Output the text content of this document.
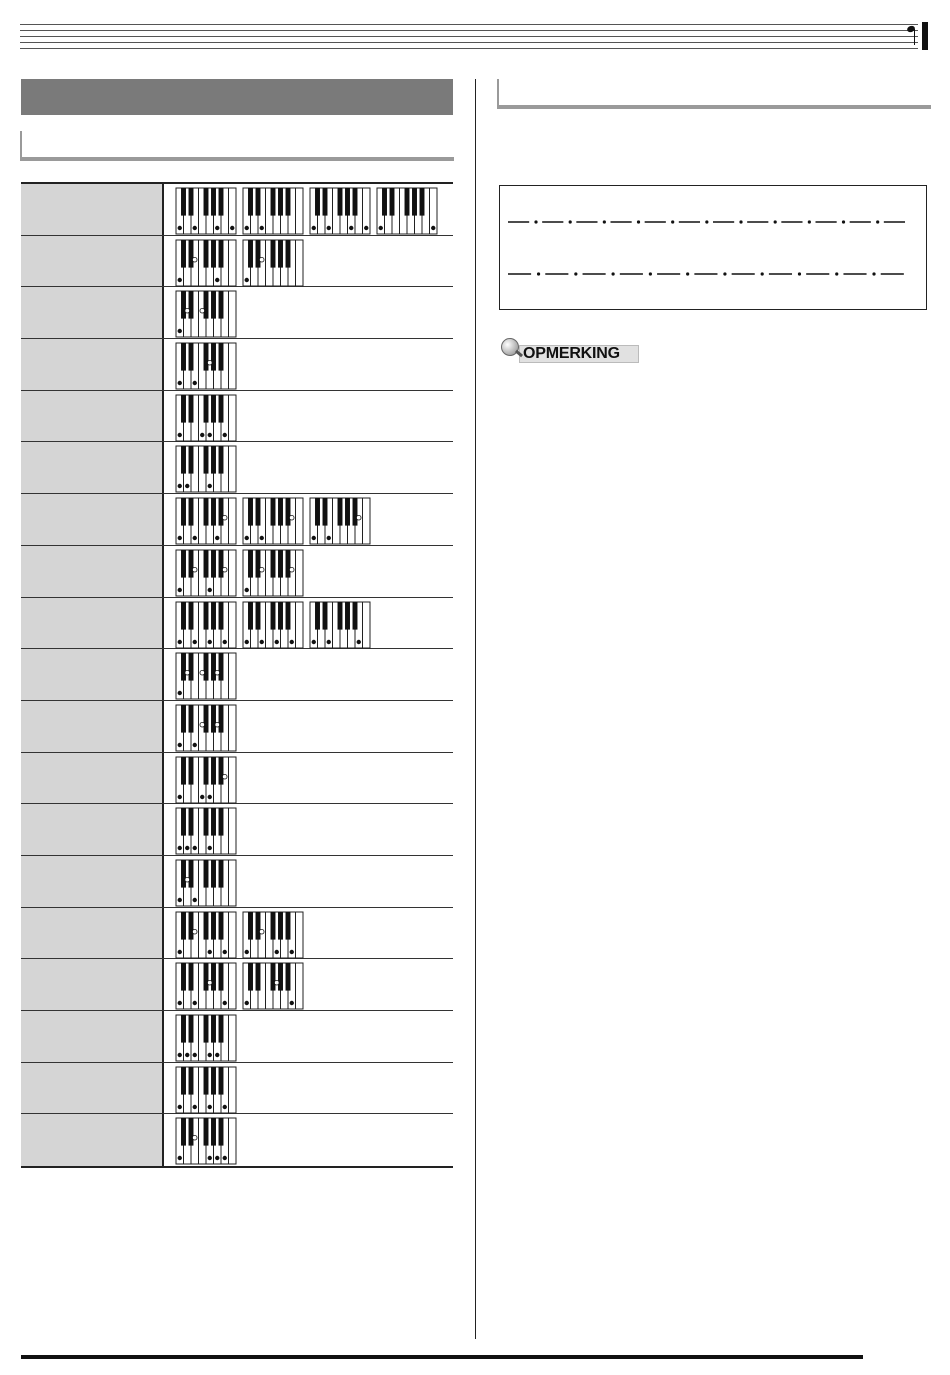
OPMERKING
